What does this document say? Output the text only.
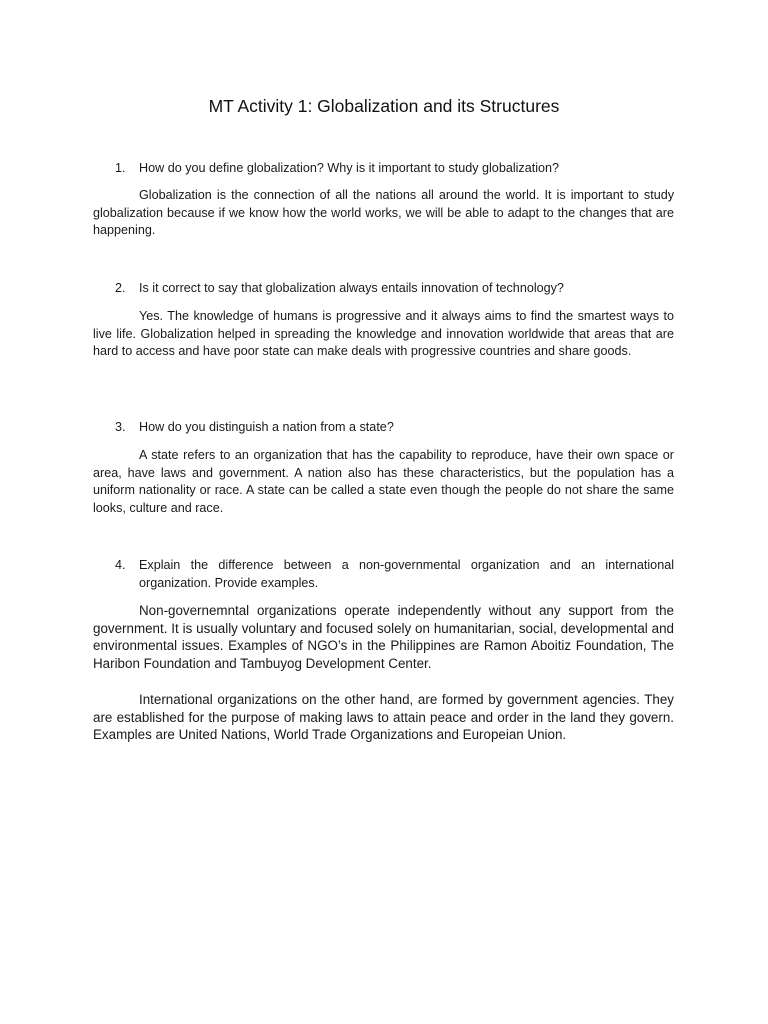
MT Activity 1: Globalization and its Structures
1. How do you define globalization? Why is it important to study globalization?

Globalization is the connection of all the nations all around the world. It is important to study globalization because if we know how the world works, we will be able to adapt to the changes that are happening.

2. Is it correct to say that globalization always entails innovation of technology?

Yes. The knowledge of humans is progressive and it always aims to find the smartest ways to live life. Globalization helped in spreading the knowledge and innovation worldwide that areas that are hard to access and have poor state can make deals with progressive countries and share goods.

3. How do you distinguish a nation from a state?

A state refers to an organization that has the capability to reproduce, have their own space or area, have laws and government. A nation also has these characteristics, but the population has a uniform nationality or race. A state can be called a state even though the people do not share the same looks, culture and race.

4. Explain the difference between a non-governmental organization and an international organization. Provide examples.

Non-governemntal organizations operate independently without any support from the government. It is usually voluntary and focused solely on humanitarian, social, developmental and environmental issues. Examples of NGO’s in the Philippines are Ramon Aboitiz Foundation, The Haribon Foundation and Tambuyog Development Center.

International organizations on the other hand, are formed by government agencies. They are established for the purpose of making laws to attain peace and order in the land they govern. Examples are United Nations, World Trade Organizations and Europeian Union.
